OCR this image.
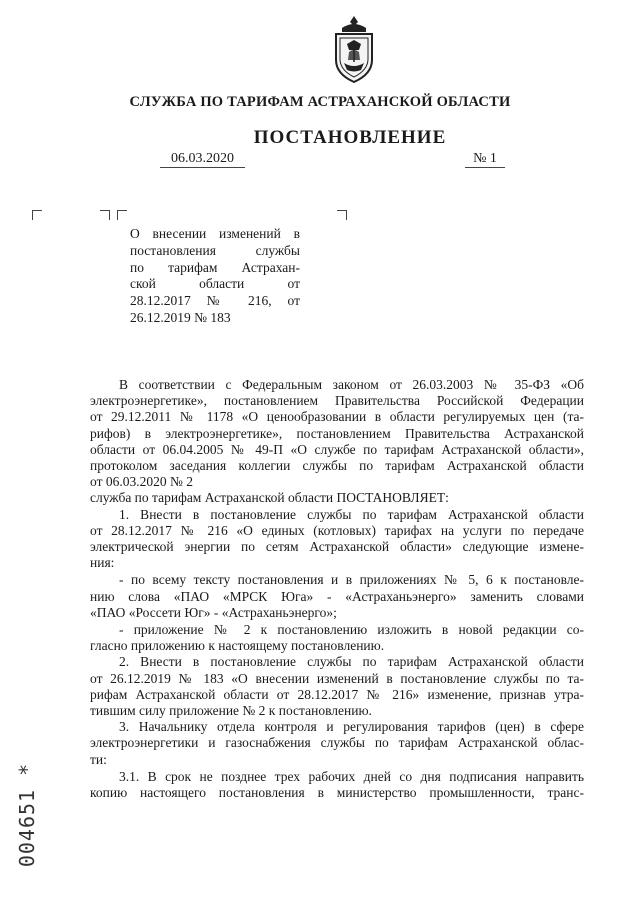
СЛУЖБА ПО ТАРИФАМ АСТРАХАНСКОЙ ОБЛАСТИ
ПОСТАНОВЛЕНИЕ
06.03.2020	№ 1
О внесении изменений в
постановления службы
по тарифам Астрахан-
ской области от
28.12.2017 № 216, от
26.12.2019 № 183
В соответствии с Федеральным законом от 26.03.2003 № 35-ФЗ «Об
электроэнергетике», постановлением Правительства Российской Федерации
от 29.12.2011 № 1178 «О ценообразовании в области регулируемых цен (та-
рифов) в электроэнергетике», постановлением Правительства Астраханской
области от 06.04.2005 № 49-П «О службе по тарифам Астраханской области»,
протоколом заседания коллегии службы по тарифам Астраханской области
от 06.03.2020 № 2
служба по тарифам Астраханской области ПОСТАНОВЛЯЕТ:
1. Внести в постановление службы по тарифам Астраханской области
от 28.12.2017 № 216 «О единых (котловых) тарифах на услуги по передаче
электрической энергии по сетям Астраханской области» следующие измене-
ния:
- по всему тексту постановления и в приложениях № 5, 6 к постановле-
нию слова «ПАО «МРСК Юга» - «Астраханьэнерго» заменить словами
«ПАО «Россети Юг» - «Астраханьэнерго»;
- приложение № 2 к постановлению изложить в новой редакции со-
гласно приложению к настоящему постановлению.
2. Внести в постановление службы по тарифам Астраханской области
от 26.12.2019 № 183 «О внесении изменений в постановление службы по та-
рифам Астраханской области от 28.12.2017 № 216» изменение, признав утра-
тившим силу приложение № 2 к постановлению.
3. Начальнику отдела контроля и регулирования тарифов (цен) в сфере
электроэнергетики и газоснабжения службы по тарифам Астраханской облас-
ти:
3.1. В срок не позднее трех рабочих дней со дня подписания направить
копию настоящего постановления в министерство промышленности, транс-
004651 *
